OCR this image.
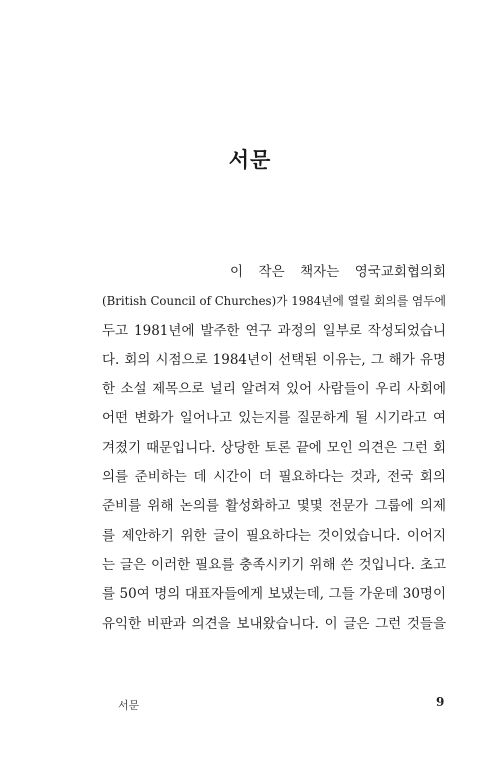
서문
이 작은 책자는 영국교회협의회
(British Council of Churches)가 1984년에 열릴 회의를 염두에
두고 1981년에 발주한 연구 과정의 일부로 작성되었습니
다. 회의 시점으로 1984년이 선택된 이유는, 그 해가 유명
한 소설 제목으로 널리 알려져 있어 사람들이 우리 사회에
어떤 변화가 일어나고 있는지를 질문하게 될 시기라고 여
겨졌기 때문입니다. 상당한 토론 끝에 모인 의견은 그런 회
의를 준비하는 데 시간이 더 필요하다는 것과, 전국 회의
준비를 위해 논의를 활성화하고 몇몇 전문가 그룹에 의제
를 제안하기 위한 글이 필요하다는 것이었습니다. 이어지
는 글은 이러한 필요를 충족시키기 위해 쓴 것입니다. 초고
를 50여 명의 대표자들에게 보냈는데, 그들 가운데 30명이
유익한 비판과 의견을 보내왔습니다. 이 글은 그런 것들을
서문	9
